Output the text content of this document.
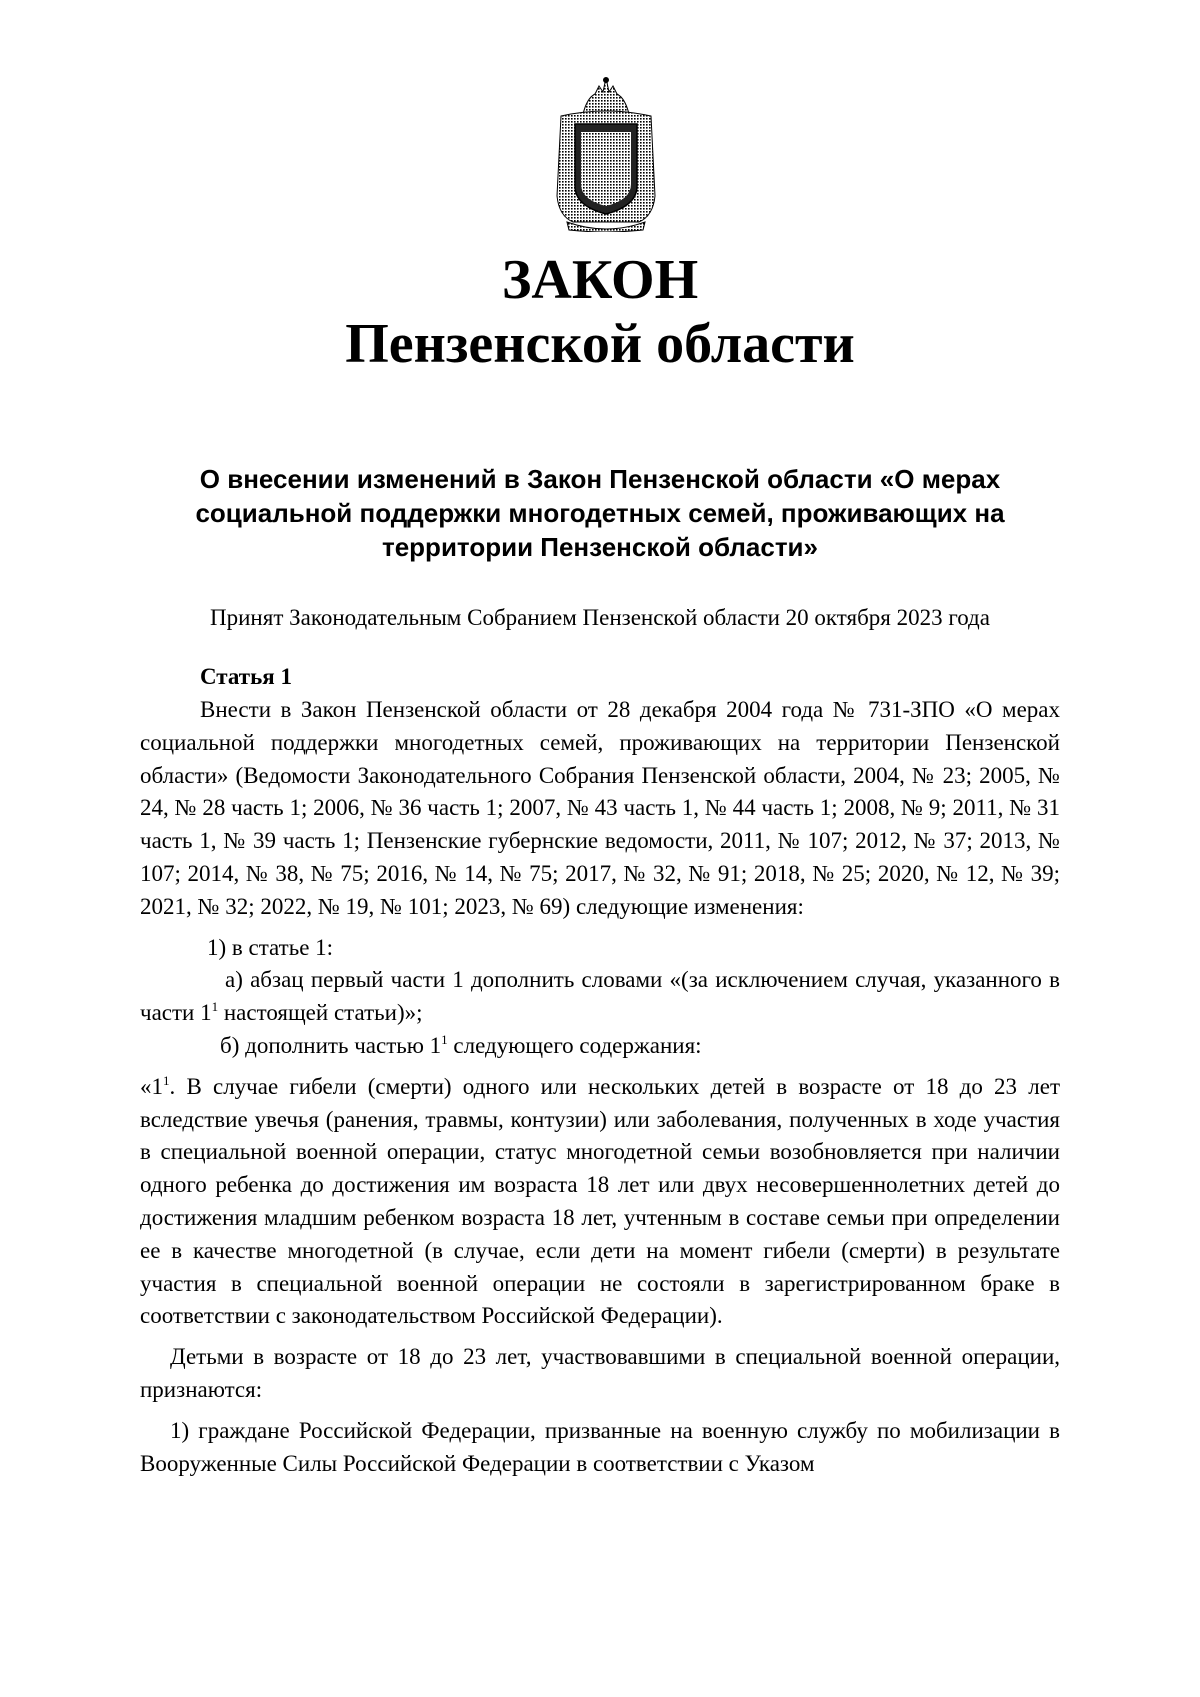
ЗАКОН
Пензенской области
О внесении изменений в Закон Пензенской области «О мерах
социальной поддержки многодетных семей, проживающих на
территории Пензенской области»
Принят Законодательным Собранием Пензенской области 20 октября 2023 года
Статья 1

Внести в Закон Пензенской области от 28 декабря 2004 года № 731-ЗПО «О мерах социальной поддержки многодетных семей, проживающих на территории Пензенской области» (Ведомости Законодательного Собрания Пензенской области, 2004, № 23; 2005, № 24, № 28 часть 1; 2006, № 36 часть 1; 2007, № 43 часть 1, № 44 часть 1; 2008, № 9; 2011, № 31 часть 1, № 39 часть 1; Пензенские губернские ведомости, 2011, № 107; 2012, № 37; 2013, № 107; 2014, № 38, № 75; 2016, № 14, № 75; 2017, № 32, № 91; 2018, № 25; 2020, № 12, № 39; 2021, № 32; 2022, № 19, № 101; 2023, № 69) следующие изменения:

1) в статье 1:

а) абзац первый части 1 дополнить словами «(за исключением случая, указанного в части $1^1$ настоящей статьи)»;

б) дополнить частью $1^1$ следующего содержания:

«$1^1$. В случае гибели (смерти) одного или нескольких детей в возрасте от 18 до 23 лет вследствие увечья (ранения, травмы, контузии) или заболевания, полученных в ходе участия в специальной военной операции, статус многодетной семьи возобновляется при наличии одного ребенка до достижения им возраста 18 лет или двух несовершеннолетних детей до достижения младшим ребенком возраста 18 лет, учтенным в составе семьи при определении ее в качестве многодетной (в случае, если дети на момент гибели (смерти) в результате участия в специальной военной операции не состояли в зарегистрированном браке в соответствии с законодательством Российской Федерации).

Детьми в возрасте от 18 до 23 лет, участвовавшими в специальной военной операции, признаются:

1) граждане Российской Федерации, призванные на военную службу по мобилизации в Вооруженные Силы Российской Федерации в соответствии с Указом
